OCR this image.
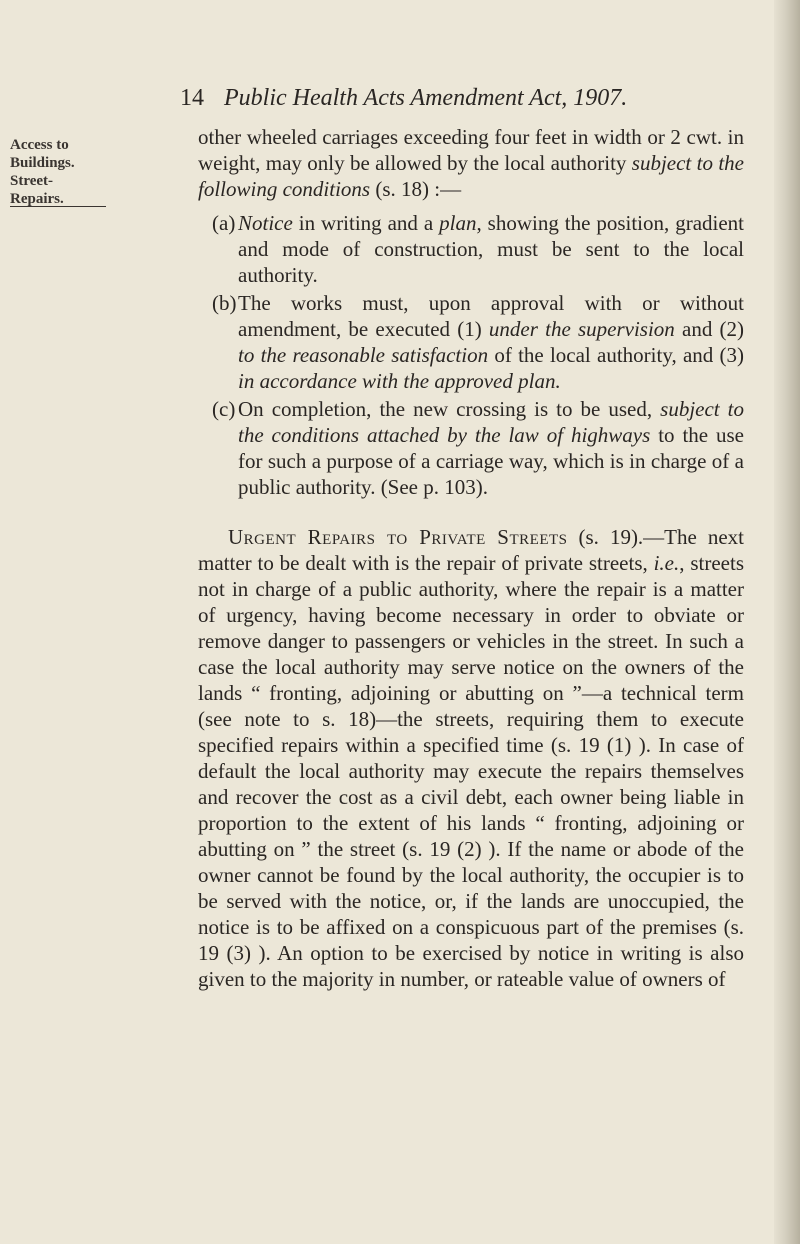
14 Public Health Acts Amendment Act, 1907.
Access to
Buildings.
Street-
Repairs.

other wheeled carriages exceeding four feet in width or 2 cwt. in weight, may only be allowed by the local authority subject to the following conditions (s. 18) :—

(a) Notice in writing and a plan, showing the position, gradient and mode of construction, must be sent to the local authority.
(b) The works must, upon approval with or without amendment, be executed (1) under the supervision and (2) to the reasonable satisfaction of the local authority, and (3) in accordance with the approved plan.
(c) On completion, the new crossing is to be used, subject to the conditions attached by the law of highways to the use for such a purpose of a carriage way, which is in charge of a public authority. (See p. 103).

Urgent Repairs to Private Streets (s. 19).—The next matter to be dealt with is the repair of private streets, i.e., streets not in charge of a public authority, where the repair is a matter of urgency, having become necessary in order to obviate or remove danger to passengers or vehicles in the street. In such a case the local authority may serve notice on the owners of the lands “ fronting, adjoining or abutting on ”—a technical term (see note to s. 18)—the streets, requiring them to execute specified repairs within a specified time (s. 19 (1) ). In case of default the local authority may execute the repairs themselves and recover the cost as a civil debt, each owner being liable in proportion to the extent of his lands “ fronting, adjoining or abutting on ” the street (s. 19 (2) ). If the name or abode of the owner cannot be found by the local authority, the occupier is to be served with the notice, or, if the lands are unoccupied, the notice is to be affixed on a conspicuous part of the premises (s. 19 (3) ). An option to be exercised by notice in writing is also given to the majority in number, or rateable value of owners of
